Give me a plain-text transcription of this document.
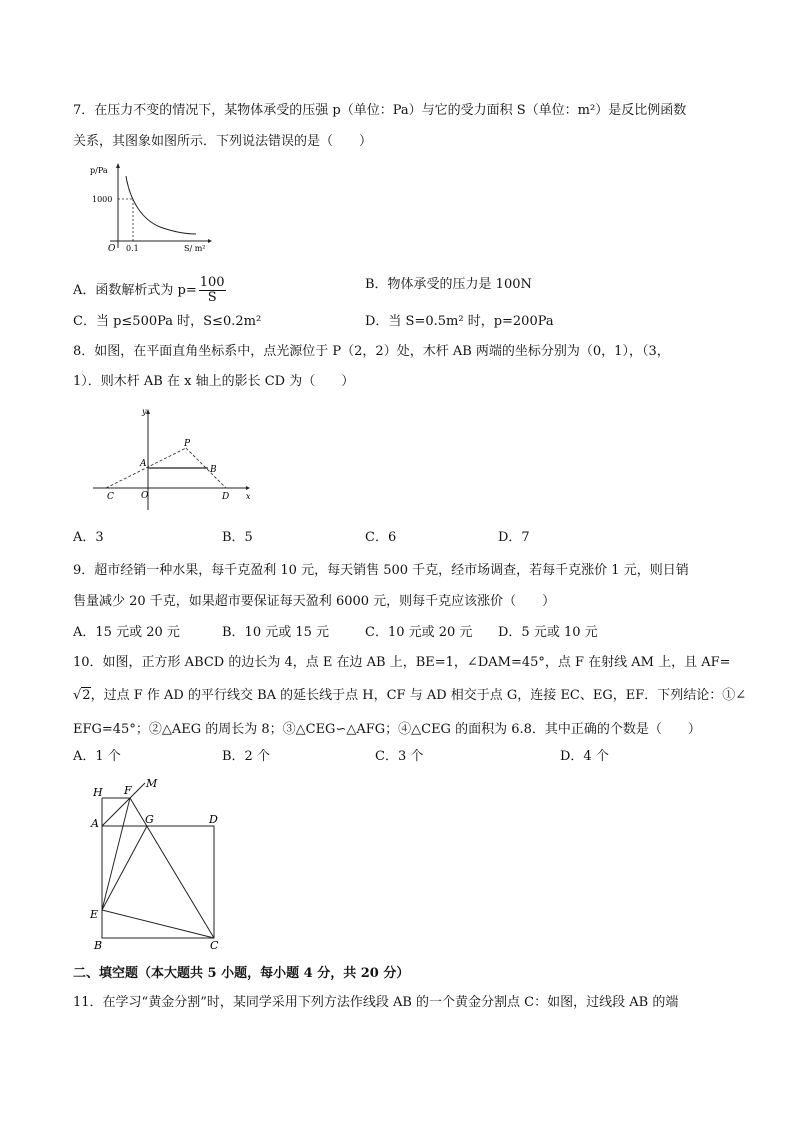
7．在压力不变的情况下，某物体承受的压强 p（单位：Pa）与它的受力面积 S（单位：m²）是反比例函数
关系，其图象如图所示．下列说法错误的是（　　）
p/Pa
1000
O 0.1	S/ m²
A．函数解析式为 $p= \frac{100}{S}$	B．物体承受的压力是 100N
C．当 p≤500Pa 时，S≤0.2m²	D．当 S=0.5m² 时，p=200Pa
8．如图，在平面直角坐标系中，点光源位于 P（2，2）处，木杆 AB 两端的坐标分别为（0，1），（3，
1）．则木杆 AB 在 x 轴上的影长 CD 为（　　）
y
x
P
A
B
C	O	D
A．3	B．5	C．6	D．7
9．超市经销一种水果，每千克盈利 10 元，每天销售 500 千克，经市场调查，若每千克涨价 1 元，则日销
售量减少 20 千克，如果超市要保证每天盈利 6000 元，则每千克应该涨价（　　）
A．15 元或 20 元	B．10 元或 15 元	C．10 元或 20 元 D．5 元或 10 元
10．如图，正方形 ABCD 的边长为 4，点 E 在边 AB 上，BE=1，∠DAM=45°，点 F 在射线 AM 上，且 AF=
√2，过点 F 作 AD 的平行线交 BA 的延长线于点 H，CF 与 AD 相交于点 G，连接 EC、EG，EF．下列结论：①∠
EFG=45°；②△AEG 的周长为 8；③△CEG∽△AFG；④△CEG 的面积为 6.8．其中正确的个数是（　　）
A．1 个	B．2 个	C．3 个	D．4 个
H F
M
A	G	D
E
B	C
二、填空题（本大题共 5 小题，每小题 4 分，共 20 分）
11．在学习“黄金分割”时，某同学采用下列方法作线段 AB 的一个黄金分割点 C：如图，过线段 AB 的端
